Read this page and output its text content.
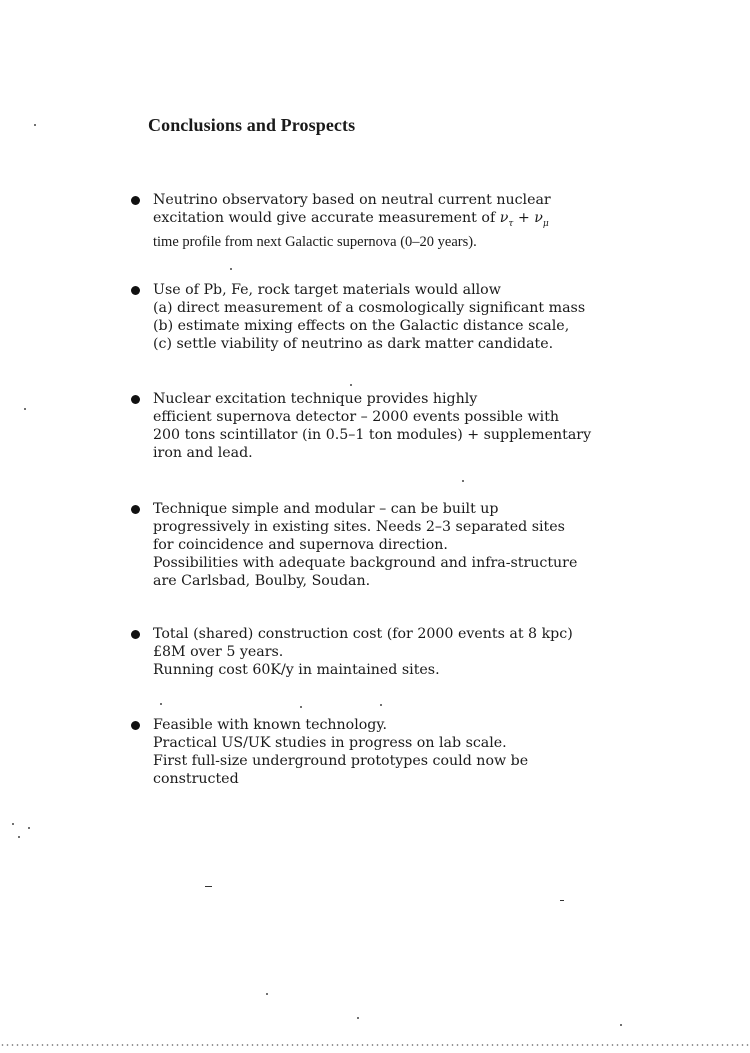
Conclusions and Prospects
Neutrino observatory based on neutral current nuclear
excitation would give accurate measurement of $\nu_\tau + \nu_\mu$
time profile from next Galactic supernova (0–20 years).
Use of Pb, Fe, rock target materials would allow
(a) direct measurement of a cosmologically significant mass
(b) estimate mixing effects on the Galactic distance scale,
(c) settle viability of neutrino as dark matter candidate.
Nuclear excitation technique provides highly
efficient supernova detector – 2000 events possible with
200 tons scintillator (in 0.5–1 ton modules) + supplementary
iron and lead.
Technique simple and modular – can be built up
progressively in existing sites. Needs 2–3 separated sites
for coincidence and supernova direction.
Possibilities with adequate background and infra-structure
are Carlsbad, Boulby, Soudan.
Total (shared) construction cost (for 2000 events at 8 kpc)
£8M over 5 years.
Running cost 60K/y in maintained sites.
Feasible with known technology.
Practical US/UK studies in progress on lab scale.
First full-size underground prototypes could now be
constructed
